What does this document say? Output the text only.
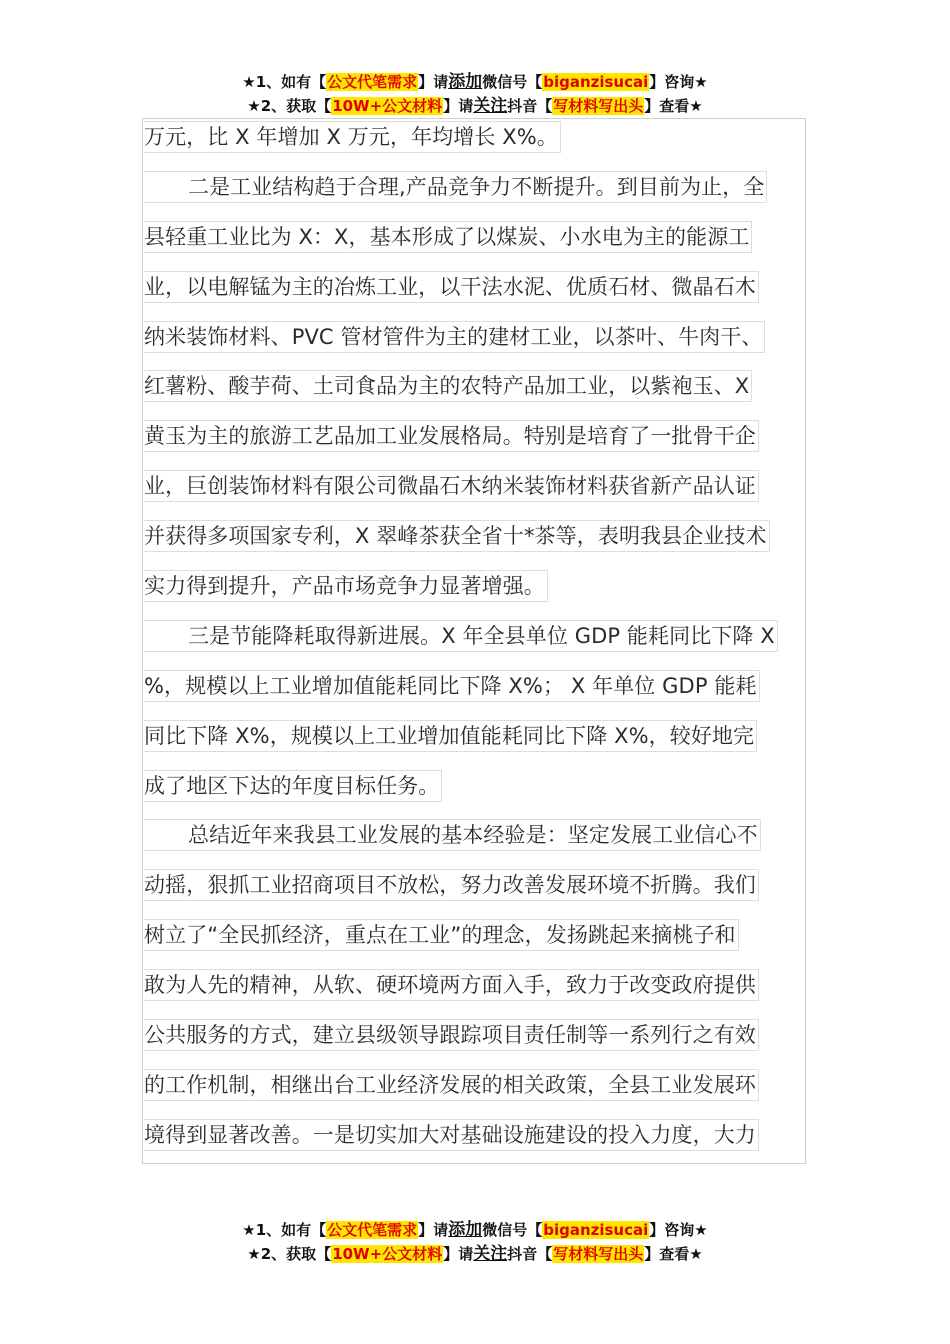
★1、如有【公文代笔需求】请添加微信号【biganzisucai】咨询★
★2、获取【10W+公文材料】请关注抖音【写材料写出头】查看★
万元，比 X 年增加 X 万元，年均增长 X%。
二是工业结构趋于合理,产品竞争力不断提升。到目前为止，全
县轻重工业比为 X：X，基本形成了以煤炭、小水电为主的能源工
业，以电解锰为主的冶炼工业，以干法水泥、优质石材、微晶石木
纳米装饰材料、PVC 管材管件为主的建材工业，以茶叶、牛肉干、
红薯粉、酸芋荷、土司食品为主的农特产品加工业，以紫袍玉、X
黄玉为主的旅游工艺品加工业发展格局。特别是培育了一批骨干企
业，巨创装饰材料有限公司微晶石木纳米装饰材料获省新产品认证
并获得多项国家专利，X 翠峰茶获全省十*茶等，表明我县企业技术
实力得到提升，产品市场竞争力显著增强。
三是节能降耗取得新进展。X 年全县单位 GDP 能耗同比下降 X
%，规模以上工业增加值能耗同比下降 X%； X 年单位 GDP 能耗
同比下降 X%，规模以上工业增加值能耗同比下降 X%，较好地完
成了地区下达的年度目标任务。
总结近年来我县工业发展的基本经验是：坚定发展工业信心不
动摇，狠抓工业招商项目不放松，努力改善发展环境不折腾。我们
树立了“全民抓经济，重点在工业”的理念，发扬跳起来摘桃子和
敢为人先的精神，从软、硬环境两方面入手，致力于改变政府提供
公共服务的方式，建立县级领导跟踪项目责任制等一系列行之有效
的工作机制，相继出台工业经济发展的相关政策，全县工业发展环
境得到显著改善。一是切实加大对基础设施建设的投入力度，大力
★1、如有【公文代笔需求】请添加微信号【biganzisucai】咨询★
★2、获取【10W+公文材料】请关注抖音【写材料写出头】查看★
